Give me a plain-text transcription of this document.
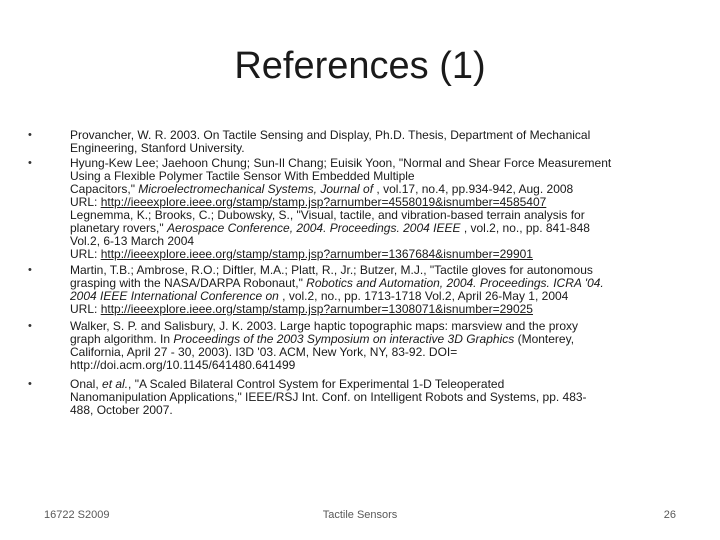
References (1)
•	Provancher, W. R. 2003. On Tactile Sensing and Display, Ph.D. Thesis, Department of Mechanical
Engineering, Stanford University.
•	Hyung-Kew Lee; Jaehoon Chung; Sun-Il Chang; Euisik Yoon, "Normal and Shear Force Measurement
Using a Flexible Polymer Tactile Sensor With Embedded Multiple
Capacitors," Microelectromechanical Systems, Journal of , vol.17, no.4, pp.934-942, Aug. 2008
URL: http://ieeexplore.ieee.org/stamp/stamp.jsp?arnumber=4558019&isnumber=4585407
Legnemma, K.; Brooks, C.; Dubowsky, S., "Visual, tactile, and vibration-based terrain analysis for
planetary rovers," Aerospace Conference, 2004. Proceedings. 2004 IEEE , vol.2, no., pp. 841-848
Vol.2, 6-13 March 2004
URL: http://ieeexplore.ieee.org/stamp/stamp.jsp?arnumber=1367684&isnumber=29901
•	Martin, T.B.; Ambrose, R.O.; Diftler, M.A.; Platt, R., Jr.; Butzer, M.J., "Tactile gloves for autonomous
grasping with the NASA/DARPA Robonaut," Robotics and Automation, 2004. Proceedings. ICRA '04.
2004 IEEE International Conference on , vol.2, no., pp. 1713-1718 Vol.2, April 26-May 1, 2004
URL: http://ieeexplore.ieee.org/stamp/stamp.jsp?arnumber=1308071&isnumber=29025
•	Walker, S. P. and Salisbury, J. K. 2003. Large haptic topographic maps: marsview and the proxy
graph algorithm. In Proceedings of the 2003 Symposium on interactive 3D Graphics (Monterey,
California, April 27 - 30, 2003). I3D '03. ACM, New York, NY, 83-92. DOI=
http://doi.acm.org/10.1145/641480.641499
•	Onal, et al., "A Scaled Bilateral Control System for Experimental 1-D Teleoperated
Nanomanipulation Applications," IEEE/RSJ Int. Conf. on Intelligent Robots and Systems, pp. 483-
488, October 2007.
16722 S2009	Tactile Sensors	26
